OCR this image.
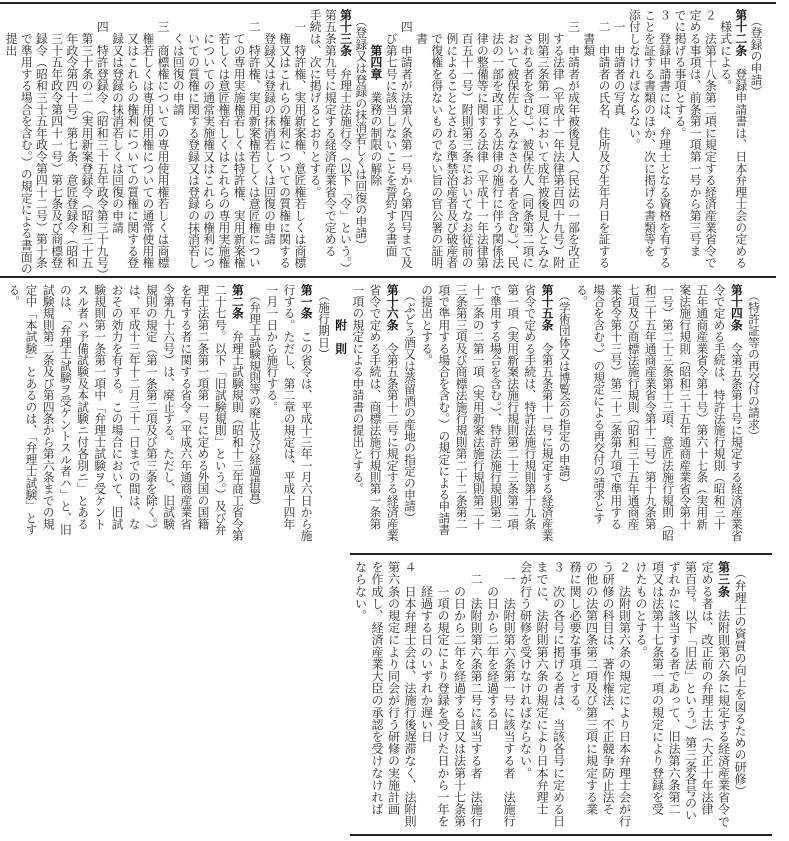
　（登録の申請）
第十二条　登録申請書は、日本弁理士会の定める
　様式による。
２　法第十八条第二項に規定する経済産業省令で
定める事項は、前条第一項第一号から第三号ま
でに掲げる事項とする。
３　登録申請書には、弁理士となる資格を有する
ことを証する書類のほか、次に掲げる書類等を
添付しなければならない。
　一　申請者の写真
　二　申請者の氏名、住所及び生年月日を証する
　　書類
　三　申請者が成年被後見人（民法の一部を改正
　　する法律（平成十一年法律第百四十九号）附
　　則第三条第一項において成年被後見人とみな
　　される者を含む。）、被保佐人（同条第二項に
　　おいて被保佐人とみなされる者を含む。）、民
　　法の一部を改正する法律の施行に伴う関係法
　　律の整備等に関する法律（平成十一年法律第
　　百五十一号）附則第三条においてなお従前の
　　例によることとされる準禁治産者及び破産者
　　で復権を得ないものでない旨の官公署の証明
　　書
　四　申請者が法第八条第一号から第四号まで及
　　び第七号に該当しないことを誓約する書面
　　　第四章　業務の制限の解除
　（登録又は登録の抹消若しくは回復の申請）
第十三条　弁理士法施行令（以下「令」という。）
第五条第九号に規定する経済産業省令で定める
手続は、次に掲げるとおりとする。
　一　特許権、実用新案権、意匠権若しくは商標
　　権又はこれらの権利についての質権に関する
　　登録又は登録の抹消若しくは回復の申請
　二　特許権、実用新案権若しくは意匠権につい
　　ての専用実施権若しくは特許権、実用新案権
　　若しくは意匠権若しくはこれらの専用実施権
　　についての通常実施権又はこれらの権利につ
　　いての質権に関する登録又は登録の抹消若し
　　くは回復の申請
　三　商標権についての専用使用権若しくは商標
　　権若しくは専用使用権についての通常使用権
　　又はこれらの権利についての質権に関する登
　　録又は登録の抹消若しくは回復の申請
　四　特許登録令（昭和三十五年政令第三十九号）
　　第三十条の二（実用新案登録令（昭和三十五
　　年政令第四十号）第七条、意匠登録令（昭和
　　三十五年政令第四十一号）第七条及び商標登
　　録令（昭和三十五年政令第四十二号）第十条
　　で準用する場合を含む。）の規定による書面の
　　提出
　（特許証等の再交付の請求）
第十四条　令第五条第十号に規定する経済産業省
令で定める手続は、特許法施行規則（昭和三十
五年通商産業省令第十号）第六十七条（実用新
案法施行規則（昭和三十五年通商産業省令第十
一号）第二十三条第十三項、意匠法施行規則（昭
和三十五年通商産業省令第十二号）第十九条第
七項及び商標法施行規則（昭和三十五年通商産
業省令第十三号）第二十二条第九項で準用する
場合を含む。）の規定による再交付の請求とす
る。
　（学術団体又は博覧会の指定の申請）
第十五条　令第五条第十一号に規定する経済産業
省令で定める手続は、特許法施行規則第十九条
第一項（実用新案法施行規則第二十三条第二項
で準用する場合を含む。）、特許法施行規則第二
十二条の二第一項（実用新案法施行規則第二十
三条第三項及び商標法施行規則第二十二条第二
項で準用する場合を含む。）の規定による申請書
の提出とする。
　（ぶどう酒又は蒸留酒の産地の指定の申請）
第十六条　令第五条第十二号に規定する経済産業
省令で定める手続は、商標法施行規則第一条第
一項の規定による申請書の提出とする。
　　　附　則
　（施行期日）
第一条　この省令は、平成十三年一月六日から施
行する。ただし、第二章の規定は、平成十四年
一月一日から施行する。
　（弁理士試験規則等の廃止及び経過措置）
第二条　弁理士試験規則（昭和十三年商工省令第
二十七号。以下「旧試験規則」という。）及び弁
理士法第二条第一項第一号に定める外国の国籍
を有する者に関する省令（平成六年通商産業省
令第九十六号）は、廃止する。ただし、旧試験
規則の規定（第一条第二項及び第三条を除く。）
は、平成十三年十二月三十一日までの間は、な
おその効力を有する。この場合において、旧試
験規則第一条第一項中「弁理士試験ヲ受ケント
スル者ハ予備試験及本試験ニ付各別ニ」とある
のは、「弁理士試験ヲ受ケントスル者ハ」と、旧
試験規則第二条及び第四条から第六条までの規
定中「本試験」とあるのは、「弁理士試験」とす
る。
　（弁理士の資質の向上を図るための研修）
第三条　法附則第六条に規定する経済産業省令で
定める者は、改正前の弁理士法（大正十年法律
第百号。以下「旧法」という。）第三条各号のい
ずれかに該当する者であって、旧法第六条第二
項又は法第十七条第一項の規定により登録を受
けたものとする。
２　法附則第六条の規定により日本弁理士会が行
う研修の科目は、著作権法、不正競争防止法そ
の他の法第四条第二項及び第三項に規定する業
務に関し必要な事項とする。
３　次の各号に掲げる者は、当該各号に定める日
までに、法附則第六条の規定により日本弁理士
会が行う研修を受けなければならない。
　一　法附則第六条第一号に該当する者　法施行
　　の日から二年を経過する日
　二　法附則第六条第二号に該当する者　法施行
　　の日から二年を経過する日又は法第十七条第
　　一項の規定により登録を受けた日から一年を
　　経過する日のいずれか遅い日
４　日本弁理士会は、法施行後遅滞なく、法附則
第六条の規定により同会が行う研修の実施計画
を作成し、経済産業大臣の承認を受けなければ
ならない。
